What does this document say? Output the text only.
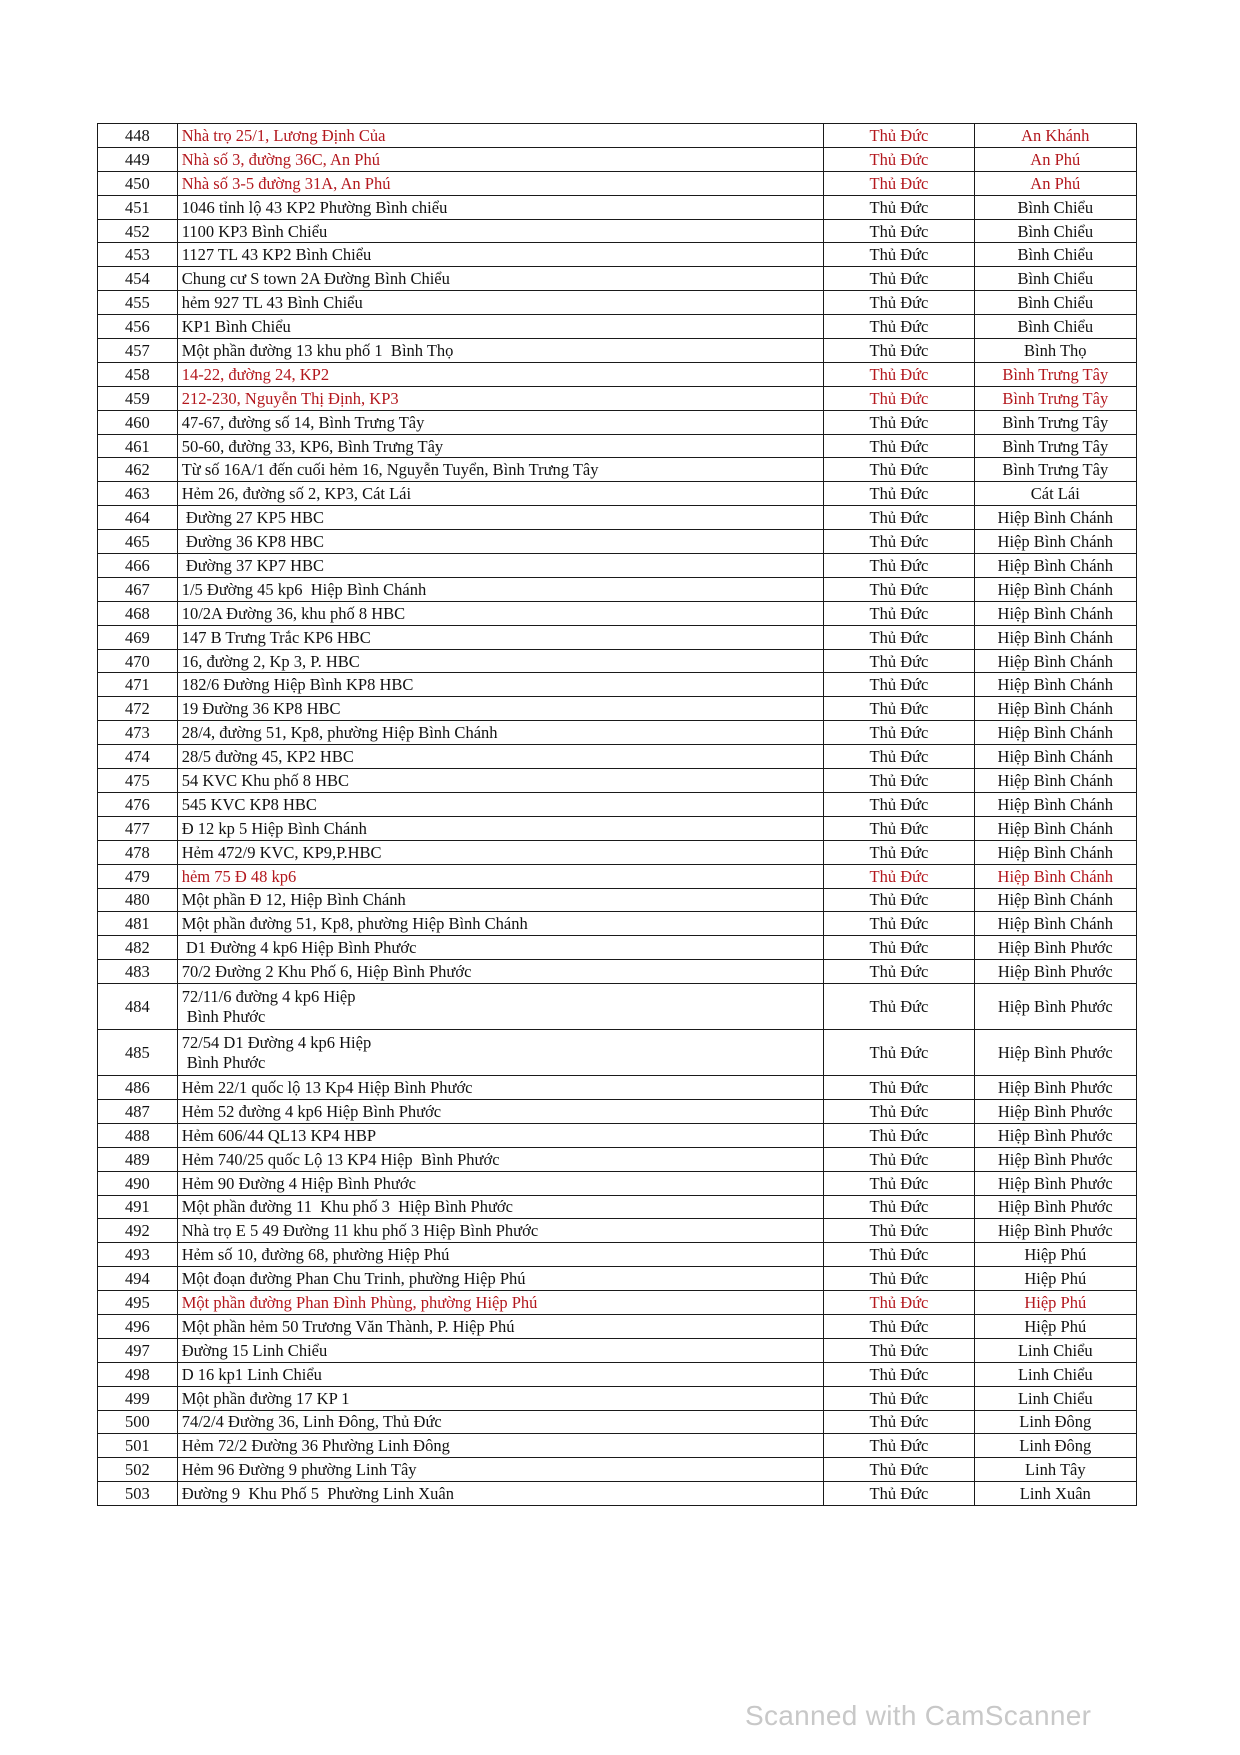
448	Nhà trọ 25/1, Lương Định Của	Thủ Đức	An Khánh
449	Nhà số 3, đường 36C, An Phú	Thủ Đức	An Phú
450	Nhà số 3-5 đường 31A, An Phú	Thủ Đức	An Phú
451	1046 tỉnh lộ 43 KP2 Phường Bình chiểu	Thủ Đức	Bình Chiểu
452	1100 KP3 Bình Chiểu	Thủ Đức	Bình Chiểu
453	1127 TL 43 KP2 Bình Chiểu	Thủ Đức	Bình Chiểu
454	Chung cư S town 2A Đường Bình Chiểu	Thủ Đức	Bình Chiểu
455	hẻm 927 TL 43 Bình Chiểu	Thủ Đức	Bình Chiểu
456	KP1 Bình Chiểu	Thủ Đức	Bình Chiểu
457	Một phần đường 13 khu phố 1  Bình Thọ	Thủ Đức	Bình Thọ
458	14-22, đường 24, KP2	Thủ Đức	Bình Trưng Tây
459	212-230, Nguyễn Thị Định, KP3	Thủ Đức	Bình Trưng Tây
460	47-67, đường số 14, Bình Trưng Tây	Thủ Đức	Bình Trưng Tây
461	50-60, đường 33, KP6, Bình Trưng Tây	Thủ Đức	Bình Trưng Tây
462	Từ số 16A/1 đến cuối hẻm 16, Nguyễn Tuyển, Bình Trưng Tây	Thủ Đức	Bình Trưng Tây
463	Hẻm 26, đường số 2, KP3, Cát Lái	Thủ Đức	Cát Lái
464	Đường 27 KP5 HBC	Thủ Đức	Hiệp Bình Chánh
465	Đường 36 KP8 HBC	Thủ Đức	Hiệp Bình Chánh
466	Đường 37 KP7 HBC	Thủ Đức	Hiệp Bình Chánh
467	1/5 Đường 45 kp6  Hiệp Bình Chánh	Thủ Đức	Hiệp Bình Chánh
468	10/2A Đường 36, khu phố 8 HBC	Thủ Đức	Hiệp Bình Chánh
469	147 B Trưng Trắc KP6 HBC	Thủ Đức	Hiệp Bình Chánh
470	16, đường 2, Kp 3, P. HBC	Thủ Đức	Hiệp Bình Chánh
471	182/6 Đường Hiệp Bình KP8 HBC	Thủ Đức	Hiệp Bình Chánh
472	19 Đường 36 KP8 HBC	Thủ Đức	Hiệp Bình Chánh
473	28/4, đường 51, Kp8, phường Hiệp Bình Chánh	Thủ Đức	Hiệp Bình Chánh
474	28/5 đường 45, KP2 HBC	Thủ Đức	Hiệp Bình Chánh
475	54 KVC Khu phố 8 HBC	Thủ Đức	Hiệp Bình Chánh
476	545 KVC KP8 HBC	Thủ Đức	Hiệp Bình Chánh
477	Đ 12 kp 5 Hiệp Bình Chánh	Thủ Đức	Hiệp Bình Chánh
478	Hẻm 472/9 KVC, KP9,P.HBC	Thủ Đức	Hiệp Bình Chánh
479	hẻm 75 Đ 48 kp6	Thủ Đức	Hiệp Bình Chánh
480	Một phần Đ 12, Hiệp Bình Chánh	Thủ Đức	Hiệp Bình Chánh
481	Một phần đường 51, Kp8, phường Hiệp Bình Chánh	Thủ Đức	Hiệp Bình Chánh
482	D1 Đường 4 kp6 Hiệp Bình Phước	Thủ Đức	Hiệp Bình Phước
483	70/2 Đường 2 Khu Phố 6, Hiệp Bình Phước	Thủ Đức	Hiệp Bình Phước
484	72/11/6 đường 4 kp6 Hiệp
Bình Phước	Thủ Đức	Hiệp Bình Phước
485	72/54 D1 Đường 4 kp6 Hiệp
Bình Phước	Thủ Đức	Hiệp Bình Phước
486	Hẻm 22/1 quốc lộ 13 Kp4 Hiệp Bình Phước	Thủ Đức	Hiệp Bình Phước
487	Hẻm 52 đường 4 kp6 Hiệp Bình Phước	Thủ Đức	Hiệp Bình Phước
488	Hẻm 606/44 QL13 KP4 HBP	Thủ Đức	Hiệp Bình Phước
489	Hẻm 740/25 quốc Lộ 13 KP4 Hiệp  Bình Phước	Thủ Đức	Hiệp Bình Phước
490	Hẻm 90 Đường 4 Hiệp Bình Phước	Thủ Đức	Hiệp Bình Phước
491	Một phần đường 11  Khu phố 3  Hiệp Bình Phước	Thủ Đức	Hiệp Bình Phước
492	Nhà trọ E 5 49 Đường 11 khu phố 3 Hiệp Bình Phước	Thủ Đức	Hiệp Bình Phước
493	Hẻm số 10, đường 68, phường Hiệp Phú	Thủ Đức	Hiệp Phú
494	Một đoạn đường Phan Chu Trinh, phường Hiệp Phú	Thủ Đức	Hiệp Phú
495	Một phần đường Phan Đình Phùng, phường Hiệp Phú	Thủ Đức	Hiệp Phú
496	Một phần hẻm 50 Trương Văn Thành, P. Hiệp Phú	Thủ Đức	Hiệp Phú
497	Đường 15 Linh Chiểu	Thủ Đức	Linh Chiểu
498	D 16 kp1 Linh Chiểu	Thủ Đức	Linh Chiểu
499	Một phần đường 17 KP 1	Thủ Đức	Linh Chiểu
500	74/2/4 Đường 36, Linh Đông, Thủ Đức	Thủ Đức	Linh Đông
501	Hẻm 72/2 Đường 36 Phường Linh Đông	Thủ Đức	Linh Đông
502	Hẻm 96 Đường 9 phường Linh Tây	Thủ Đức	Linh Tây
503	Đường 9  Khu Phố 5  Phường Linh Xuân	Thủ Đức	Linh Xuân
Scanned with CamScanner
